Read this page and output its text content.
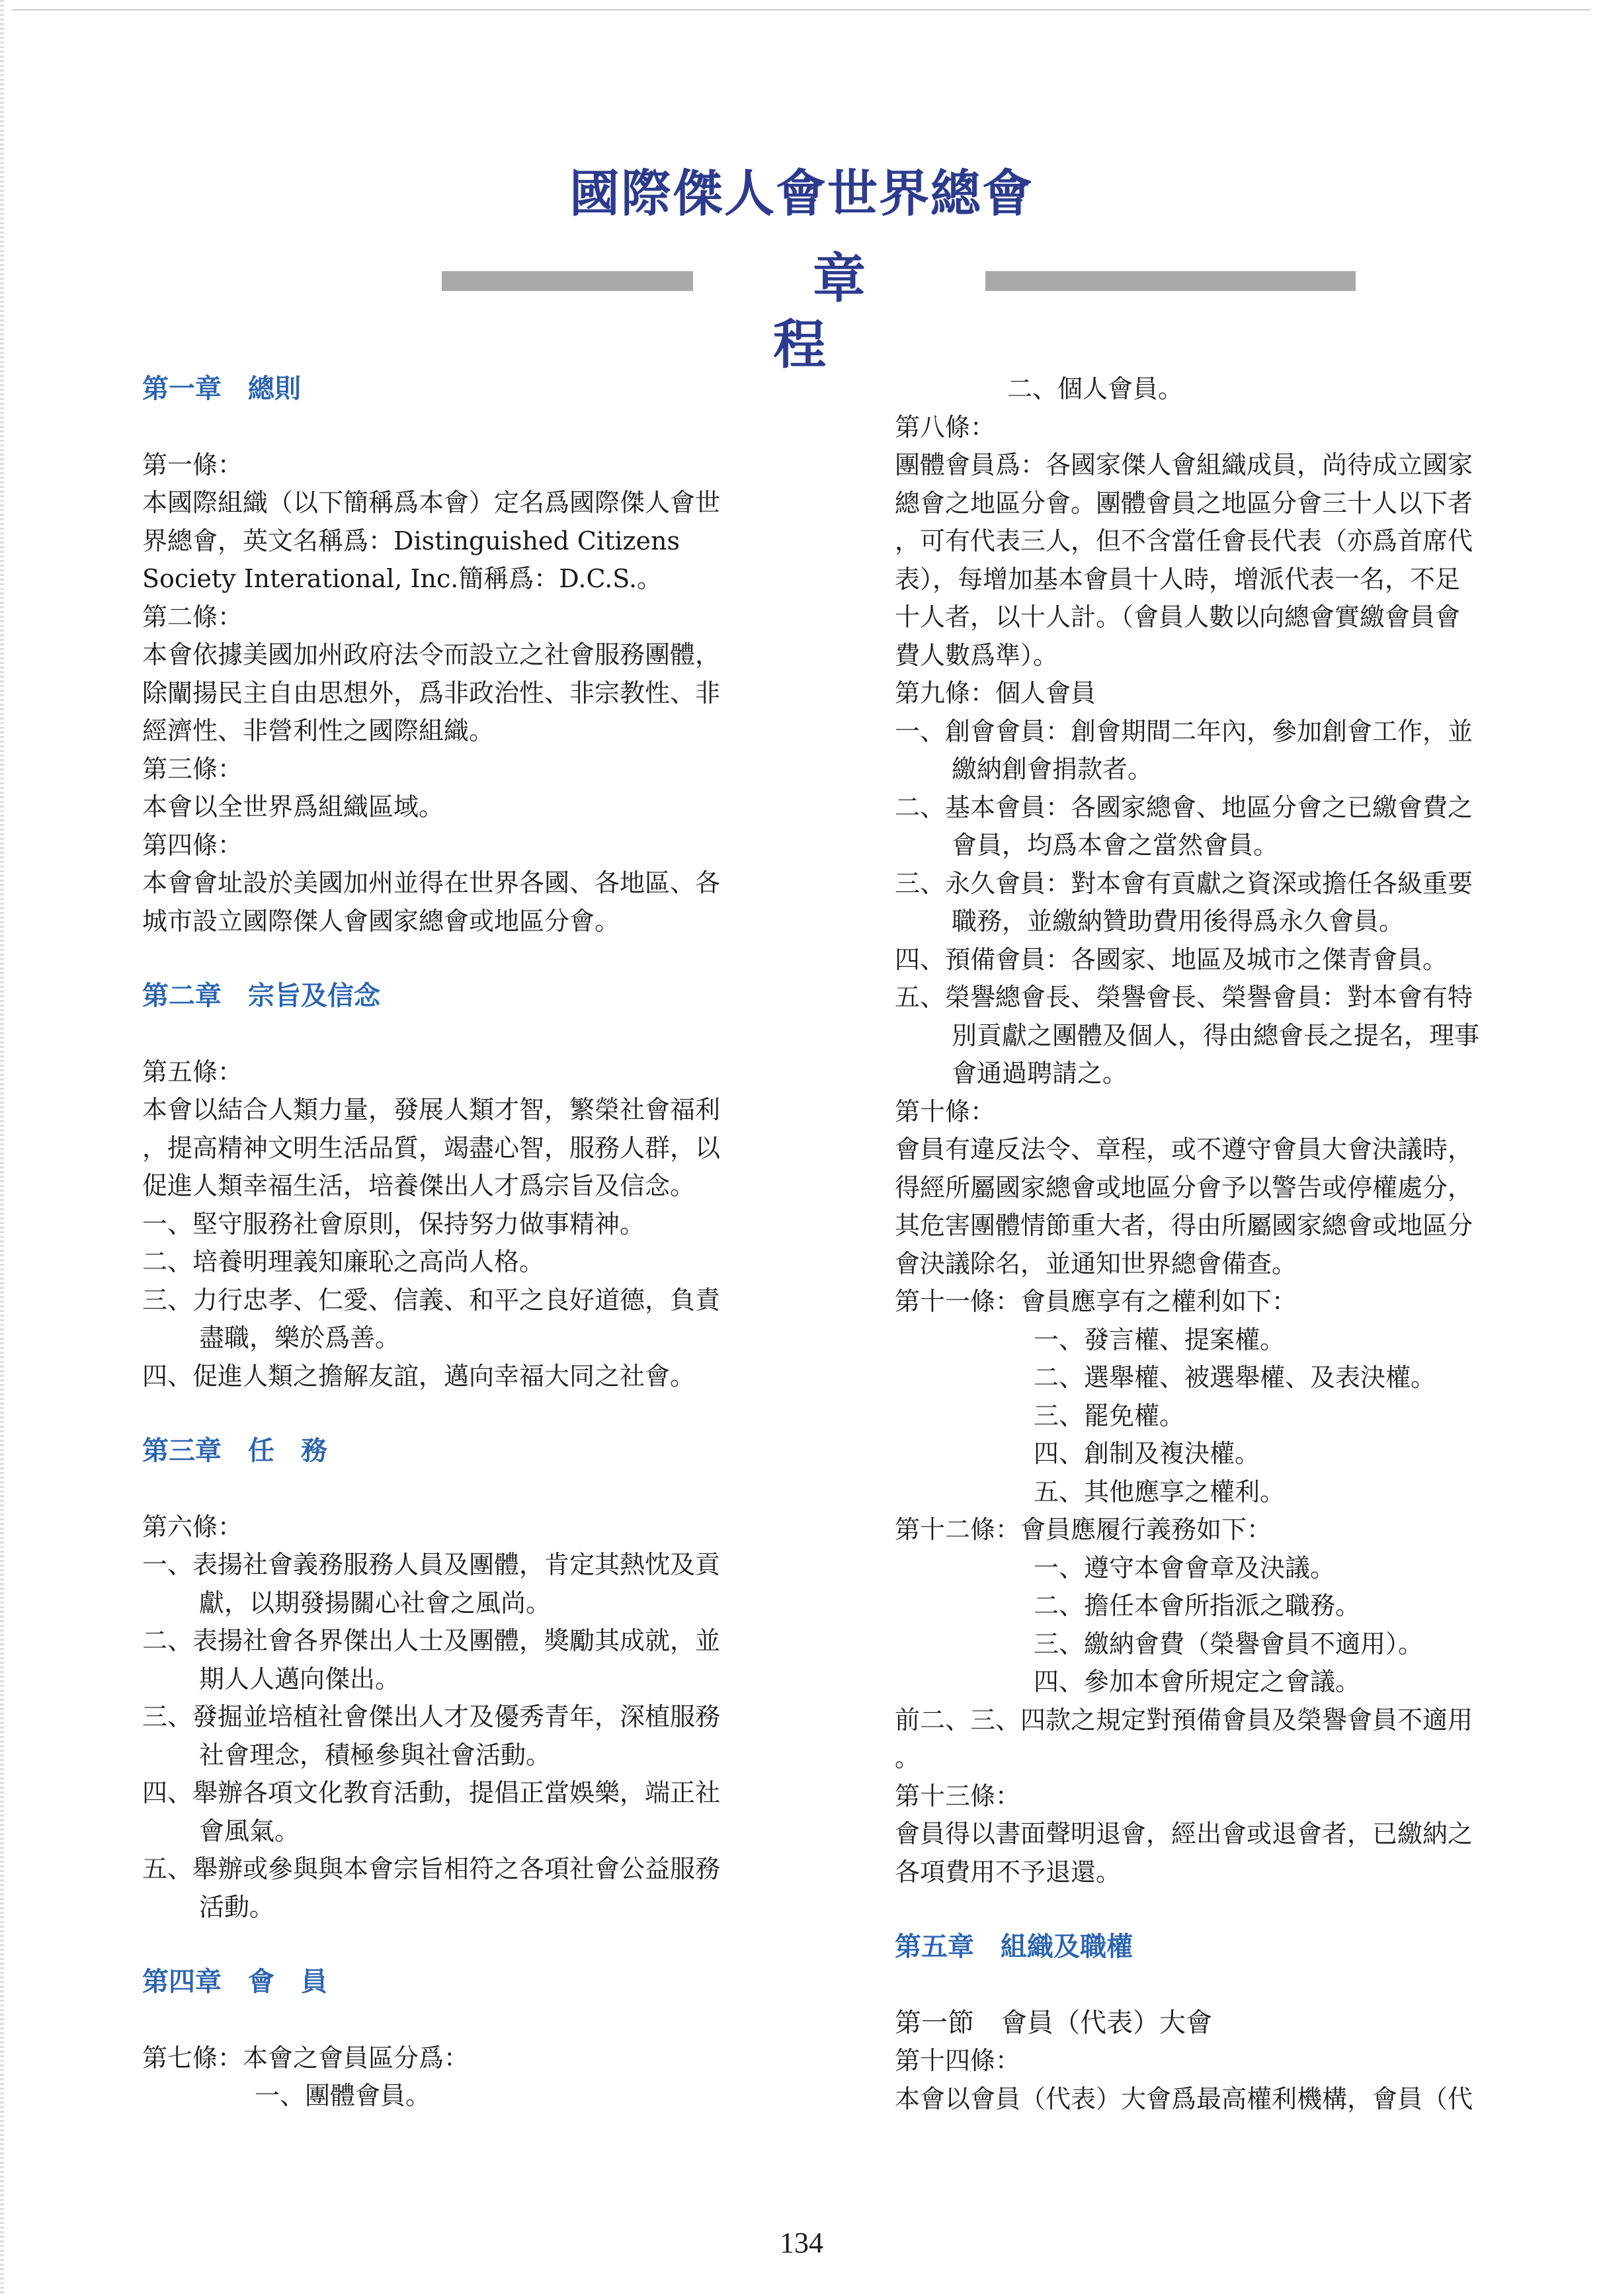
國際傑人會世界總會
章程

第一章　總則

第一條：

本國際組織（以下簡稱爲本會）定名爲國際傑人會世

界總會，英文名稱爲：Distinguished Citizens

Society Interational, Inc.簡稱爲：D.C.S.。

第二條：

本會依據美國加州政府法令而設立之社會服務團體，

除闡揚民主自由思想外，爲非政治性、非宗教性、非

經濟性、非營利性之國際組織。

第三條：

本會以全世界爲組織區域。

第四條：

本會會址設於美國加州並得在世界各國、各地區、各

城市設立國際傑人會國家總會或地區分會。

第二章　宗旨及信念

第五條：

本會以結合人類力量，發展人類才智，繁榮社會福利

，提高精神文明生活品質，竭盡心智，服務人群，以

促進人類幸福生活，培養傑出人才爲宗旨及信念。

一、堅守服務社會原則，保持努力做事精神。

二、培養明理義知廉恥之高尚人格。

三、力行忠孝、仁愛、信義、和平之良好道德，負責

盡職，樂於爲善。

四、促進人類之擔解友誼，邁向幸福大同之社會。

第三章　任　務

第六條：

一、表揚社會義務服務人員及團體，肯定其熱忱及貢

獻，以期發揚關心社會之風尚。

二、表揚社會各界傑出人士及團體，獎勵其成就，並

期人人邁向傑出。

三、發掘並培植社會傑出人才及優秀青年，深植服務

社會理念，積極參與社會活動。

四、舉辦各項文化教育活動，提倡正當娛樂，端正社

會風氣。

五、舉辦或參與與本會宗旨相符之各項社會公益服務

活動。

第四章　會　員

第七條：本會之會員區分爲：

一、團體會員。

二、個人會員。

第八條：

團體會員爲：各國家傑人會組織成員，尚待成立國家

總會之地區分會。團體會員之地區分會三十人以下者

，可有代表三人，但不含當任會長代表（亦爲首席代

表），每增加基本會員十人時，增派代表一名，不足

十人者，以十人計。（會員人數以向總會實繳會員會

費人數爲準）。

第九條：個人會員

一、創會會員：創會期間二年內，參加創會工作，並

繳納創會捐款者。

二、基本會員：各國家總會、地區分會之已繳會費之

會員，均爲本會之當然會員。

三、永久會員：對本會有貢獻之資深或擔任各級重要

職務，並繳納贊助費用後得爲永久會員。

四、預備會員：各國家、地區及城市之傑青會員。

五、榮譽總會長、榮譽會長、榮譽會員：對本會有特

別貢獻之團體及個人，得由總會長之提名，理事

會通過聘請之。

第十條：

會員有違反法令、章程，或不遵守會員大會決議時，

得經所屬國家總會或地區分會予以警告或停權處分，

其危害團體情節重大者，得由所屬國家總會或地區分

會決議除名，並通知世界總會備查。

第十一條：會員應享有之權利如下：

一、發言權、提案權。

二、選舉權、被選舉權、及表決權。

三、罷免權。

四、創制及複決權。

五、其他應享之權利。

第十二條：會員應履行義務如下：

一、遵守本會會章及決議。

二、擔任本會所指派之職務。

三、繳納會費（榮譽會員不適用）。

四、參加本會所規定之會議。

前二、三、四款之規定對預備會員及榮譽會員不適用

。

第十三條：

會員得以書面聲明退會，經出會或退會者，已繳納之

各項費用不予退還。

第五章　組織及職權

第一節　會員（代表）大會

第十四條：

本會以會員（代表）大會爲最高權利機構，會員（代

134
